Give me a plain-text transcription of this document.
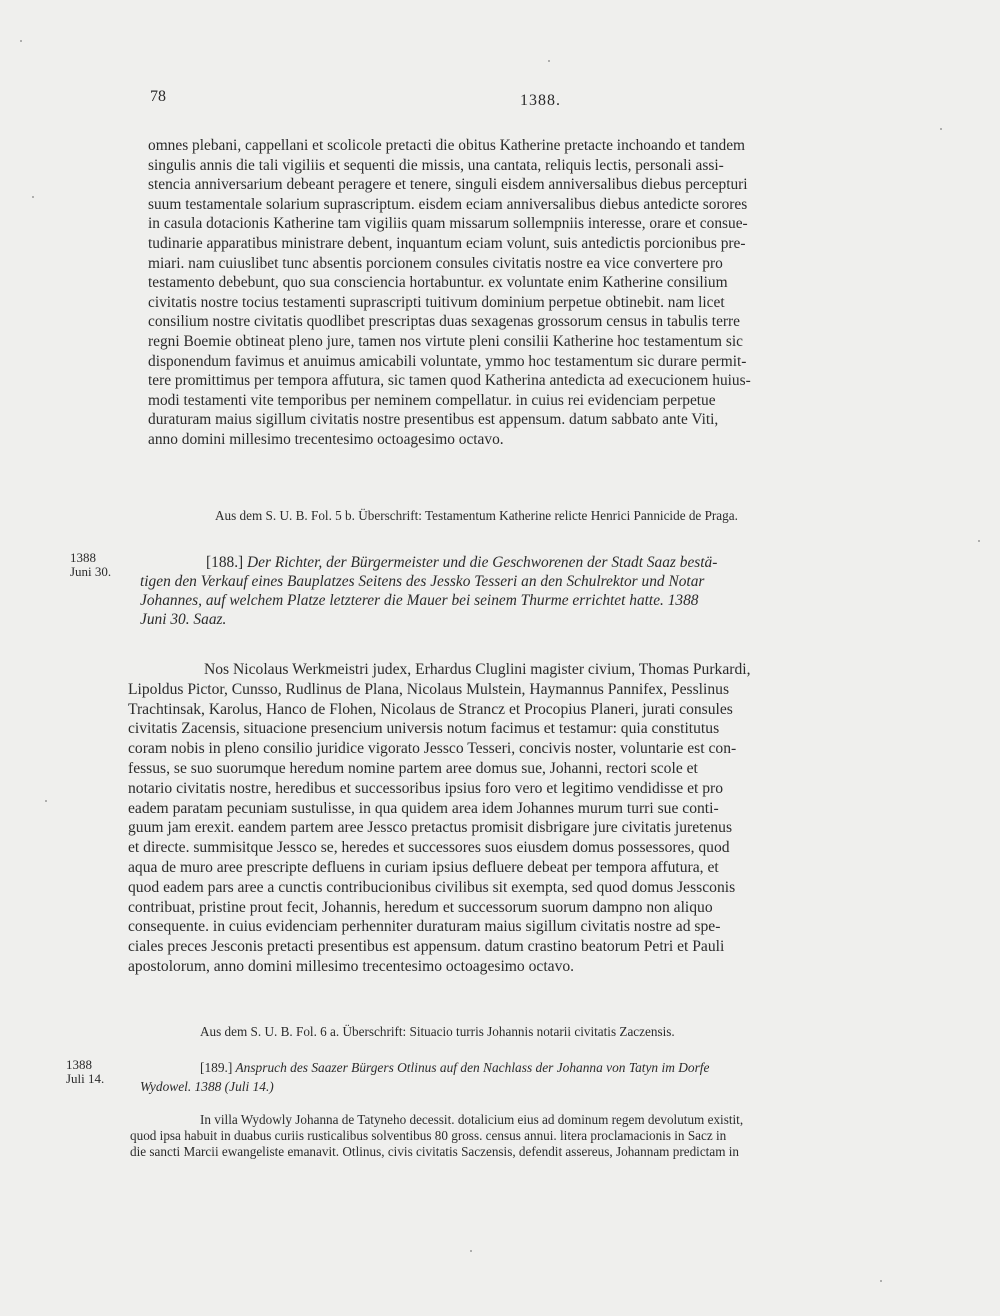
78	1388.
omnes plebani, cappellani et scolicole pretacti die obitus Katherine pretacte inchoando et tandem
singulis annis die tali vigiliis et sequenti die missis, una cantata, reliquis lectis, personali assi-
stencia anniversarium debeant peragere et tenere, singuli eisdem anniversalibus diebus percepturi
suum testamentale solarium suprascriptum. eisdem eciam anniversalibus diebus antedicte sorores
in casula dotacionis Katherine tam vigiliis quam missarum sollempniis interesse, orare et consue-
tudinarie apparatibus ministrare debent, inquantum eciam volunt, suis antedictis porcionibus pre-
miari. nam cuiuslibet tunc absentis porcionem consules civitatis nostre ea vice convertere pro
testamento debebunt, quo sua consciencia hortabuntur. ex voluntate enim Katherine consilium
civitatis nostre tocius testamenti suprascripti tuitivum dominium perpetue obtinebit. nam licet
consilium nostre civitatis quodlibet prescriptas duas sexagenas grossorum census in tabulis terre
regni Boemie obtineat pleno jure, tamen nos virtute pleni consilii Katherine hoc testamentum sic
disponendum favimus et anuimus amicabili voluntate, ymmo hoc testamentum sic durare permit-
tere promittimus per tempora affutura, sic tamen quod Katherina antedicta ad execucionem huius-
modi testamenti vite temporibus per neminem compellatur. in cuius rei evidenciam perpetue
duraturam maius sigillum civitatis nostre presentibus est appensum. datum sabbato ante Viti,
anno domini millesimo trecentesimo octoagesimo octavo.
Aus dem S. U. B. Fol. 5 b. Überschrift: Testamentum Katherine relicte Henrici Pannicide de Praga.
1388
Juni 30.
[188.] Der Richter, der Bürgermeister und die Geschworenen der Stadt Saaz bestä-
tigen den Verkauf eines Bauplatzes Seitens des Jessko Tesseri an den Schulrektor und Notar
Johannes, auf welchem Platze letzterer die Mauer bei seinem Thurme errichtet hatte. 1388
Juni 30. Saaz.
Nos Nicolaus Werkmeistri judex, Erhardus Cluglini magister civium, Thomas Purkardi,
Lipoldus Pictor, Cunsso, Rudlinus de Plana, Nicolaus Mulstein, Haymannus Pannifex, Pesslinus
Trachtinsak, Karolus, Hanco de Flohen, Nicolaus de Strancz et Procopius Planeri, jurati consules
civitatis Zacensis, situacione presencium universis notum facimus et testamur: quia constitutus
coram nobis in pleno consilio juridice vigorato Jessco Tesseri, concivis noster, voluntarie est con-
fessus, se suo suorumque heredum nomine partem aree domus sue, Johanni, rectori scole et
notario civitatis nostre, heredibus et successoribus ipsius foro vero et legitimo vendidisse et pro
eadem paratam pecuniam sustulisse, in qua quidem area idem Johannes murum turri sue conti-
guum jam erexit. eandem partem aree Jessco pretactus promisit disbrigare jure civitatis juretenus
et directe. summisitque Jessco se, heredes et successores suos eiusdem domus possessores, quod
aqua de muro aree prescripte defluens in curiam ipsius defluere debeat per tempora affutura, et
quod eadem pars aree a cunctis contribucionibus civilibus sit exempta, sed quod domus Jessconis
contribuat, pristine prout fecit, Johannis, heredum et successorum suorum dampno non aliquo
consequente. in cuius evidenciam perhenniter duraturam maius sigillum civitatis nostre ad spe-
ciales preces Jesconis pretacti presentibus est appensum. datum crastino beatorum Petri et Pauli
apostolorum, anno domini millesimo trecentesimo octoagesimo octavo.
Aus dem S. U. B. Fol. 6 a. Überschrift: Situacio turris Johannis notarii civitatis Zaczensis.
1388
Juli 14.
[189.] Anspruch des Saazer Bürgers Otlinus auf den Nachlass der Johanna von Tatyn im Dorfe
Wydowel. 1388 (Juli 14.)
In villa Wydowly Johanna de Tatyneho decessit. dotalicium eius ad dominum regem devolutum existit,
quod ipsa habuit in duabus curiis rusticalibus solventibus 80 gross. census annui. litera proclamacionis in Sacz in
die sancti Marcii ewangeliste emanavit. Otlinus, civis civitatis Saczensis, defendit assereus, Johannam predictam in
